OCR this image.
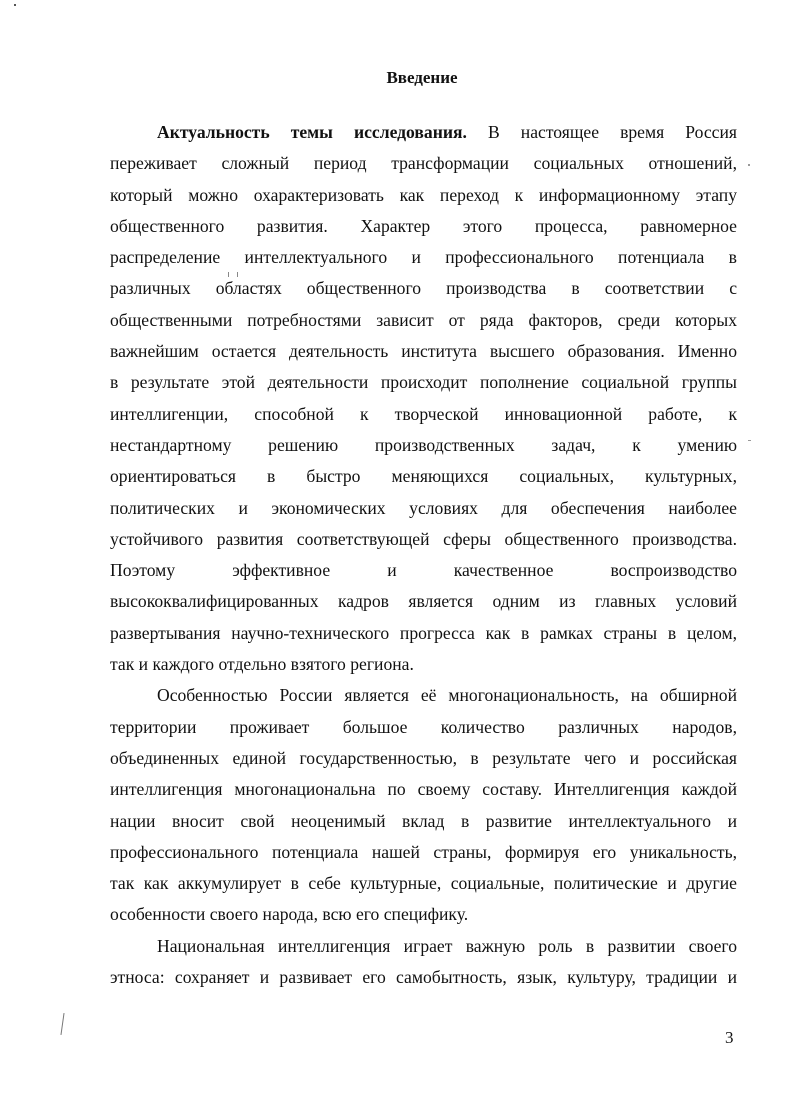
Введение
Актуальность темы исследования. В настоящее время Россия
переживает сложный период трансформации социальных отношений,
который можно охарактеризовать как переход к информационному этапу
общественного развития. Характер этого процесса, равномерное
распределение интеллектуального и профессионального потенциала в
различных областях общественного производства в соответствии с
общественными потребностями зависит от ряда факторов, среди которых
важнейшим остается деятельность института высшего образования. Именно
в результате этой деятельности происходит пополнение социальной группы
интеллигенции, способной к творческой инновационной работе, к
нестандартному решению производственных задач, к умению
ориентироваться в быстро меняющихся социальных, культурных,
политических и экономических условиях для обеспечения наиболее
устойчивого развития соответствующей сферы общественного производства.
Поэтому эффективное и качественное воспроизводство
высококвалифицированных кадров является одним из главных условий
развертывания научно-технического прогресса как в рамках страны в целом,
так и каждого отдельно взятого региона.
Особенностью России является её многонациональность, на обширной
территории проживает большое количество различных народов,
объединенных единой государственностью, в результате чего и российская
интеллигенция многонациональна по своему составу. Интеллигенция каждой
нации вносит свой неоценимый вклад в развитие интеллектуального и
профессионального потенциала нашей страны, формируя его уникальность,
так как аккумулирует в себе культурные, социальные, политические и другие
особенности своего народа, всю его специфику.
Национальная интеллигенция играет важную роль в развитии своего
этноса: сохраняет и развивает его самобытность, язык, культуру, традиции и
3
